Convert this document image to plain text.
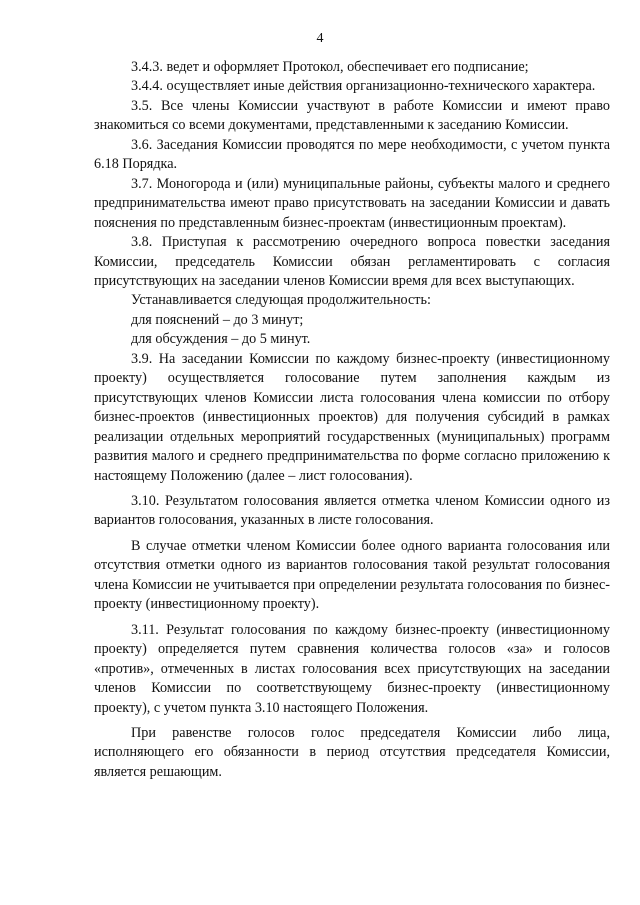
4

3.4.3. ведет и оформляет Протокол, обеспечивает его подписание;

3.4.4. осуществляет иные действия организационно-технического характера.

3.5. Все члены Комиссии участвуют в работе Комиссии и имеют право знакомиться со всеми документами, представленными к заседанию Комиссии.

3.6. Заседания Комиссии проводятся по мере необходимости, с учетом пункта 6.18 Порядка.

3.7. Моногорода и (или) муниципальные районы, субъекты малого и среднего предпринимательства имеют право присутствовать на заседании Комиссии и давать пояснения по представленным бизнес-проектам (инвестиционным проектам).

3.8. Приступая к рассмотрению очередного вопроса повестки заседания Комиссии, председатель Комиссии обязан регламентировать с согласия присутствующих на заседании членов Комиссии время для всех выступающих.

Устанавливается следующая продолжительность:

для пояснений – до 3 минут;

для обсуждения – до 5 минут.

3.9. На заседании Комиссии по каждому бизнес-проекту (инвестиционному проекту) осуществляется голосование путем заполнения каждым из присутствующих членов Комиссии листа голосования члена комиссии по отбору бизнес-проектов (инвестиционных проектов) для получения субсидий в рамках реализации отдельных мероприятий государственных (муниципальных) программ развития малого и среднего предпринимательства по форме согласно приложению к настоящему Положению (далее – лист голосования).

3.10. Результатом голосования является отметка членом Комиссии одного из вариантов голосования, указанных в листе голосования.

В случае отметки членом Комиссии более одного варианта голосования или отсутствия отметки одного из вариантов голосования такой результат голосования члена Комиссии не учитывается при определении результата голосования по бизнес-проекту (инвестиционному проекту).

3.11. Результат голосования по каждому бизнес-проекту (инвестиционному проекту) определяется путем сравнения количества голосов «за» и голосов «против», отмеченных в листах голосования всех присутствующих на заседании членов Комиссии по соответствующему бизнес-проекту (инвестиционному проекту), с учетом пункта 3.10 настоящего Положения.

При равенстве голосов голос председателя Комиссии либо лица, исполняющего его обязанности в период отсутствия председателя Комиссии, является решающим.
